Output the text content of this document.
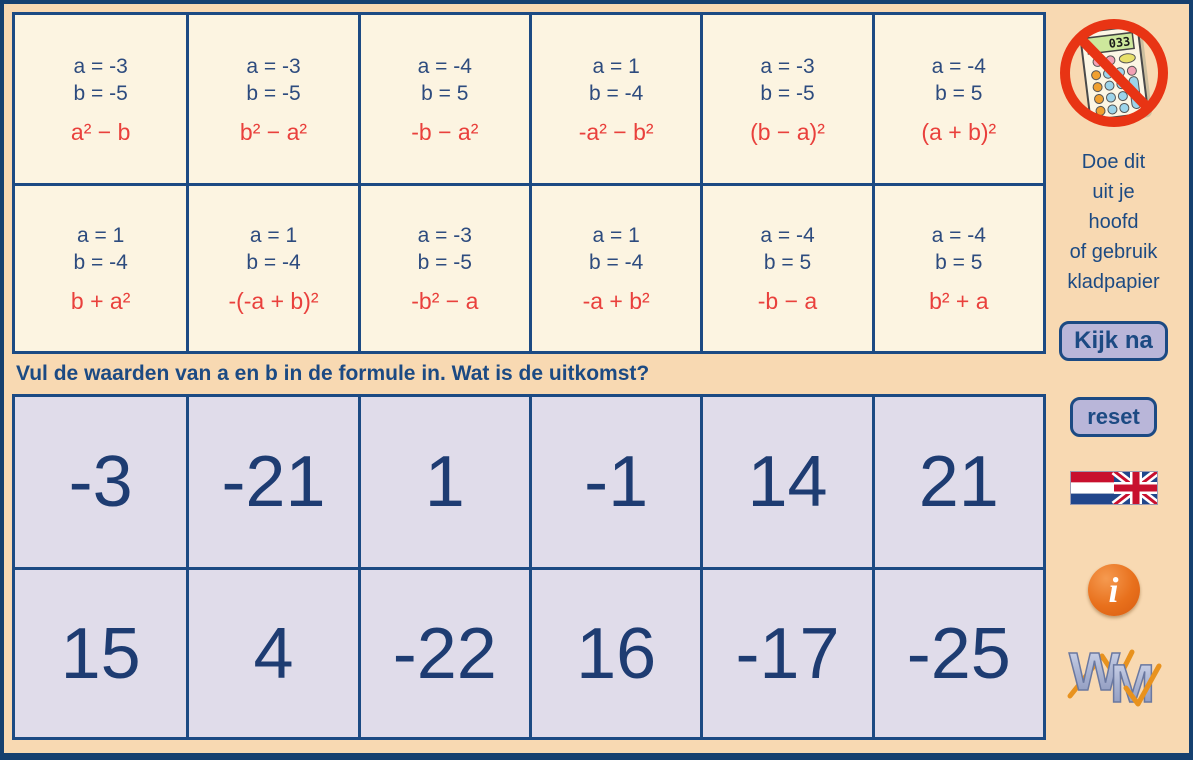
a = -3
b = -5
a² − b
a = -3
b = -5
b² − a²
a = -4
b = 5
-b − a²
a = 1
b = -4
-a² − b²
a = -3
b = -5
(b − a)²
a = -4
b = 5
(a + b)²
a = 1
b = -4
b + a²
a = 1
b = -4
-(-a + b)²
a = -3
b = -5
-b² − a
a = 1
b = -4
-a + b²
a = -4
b = 5
-b − a
a = -4
b = 5
b² + a
Vul de waarden van a en b in de formule in. Wat is de uitkomst?
-3	-21	1	-1	14	21
15	4	-22	16	-17 -25
033
Doe dit
uit je
hoofd
of gebruik
kladpapier
Kijk na
reset
i
W
M
